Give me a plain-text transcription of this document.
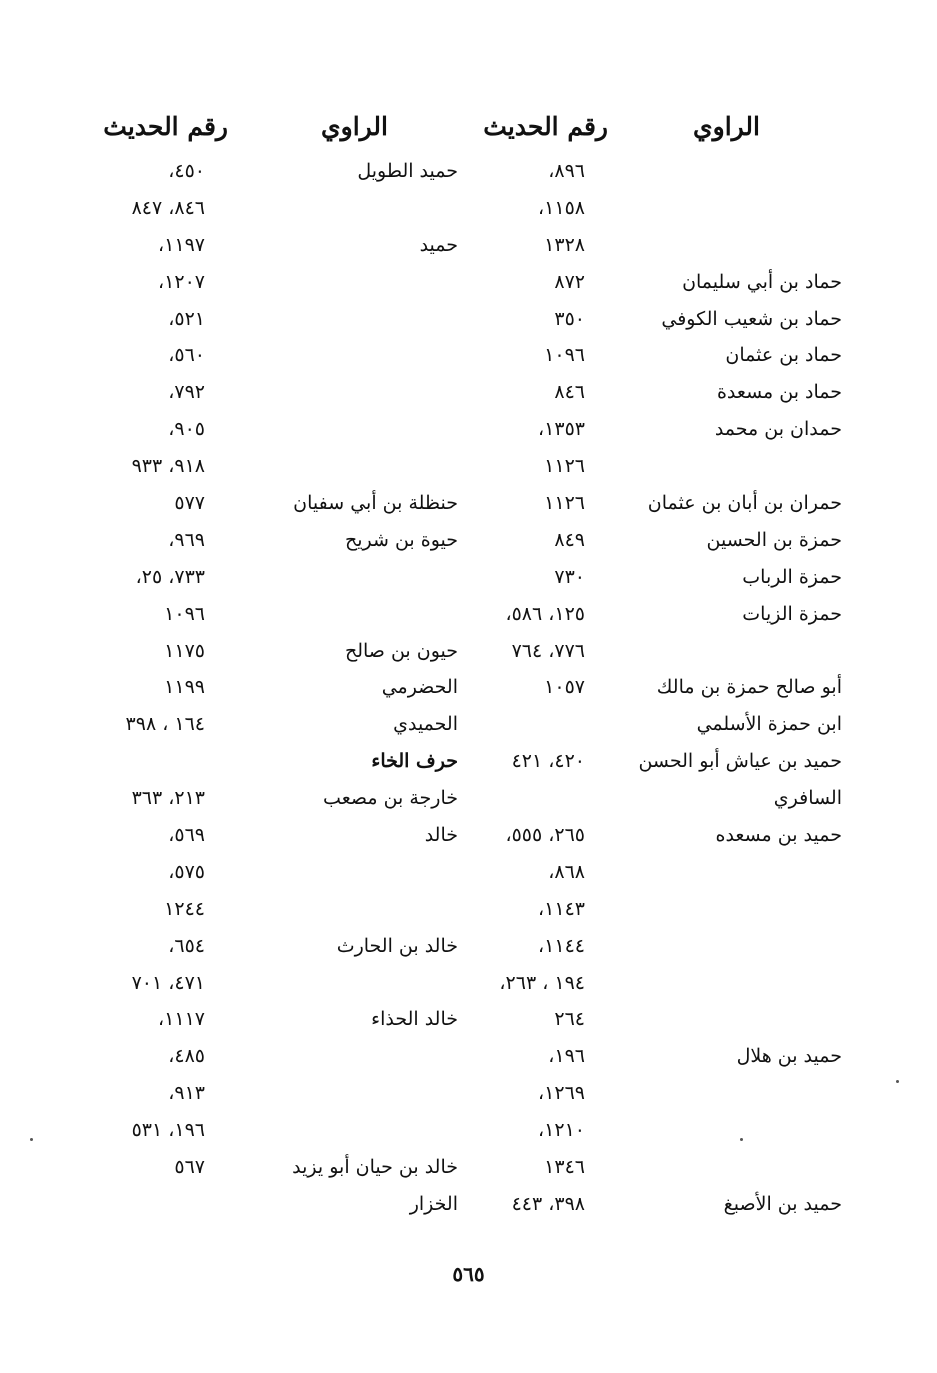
الراوي
رقم الحديث
الراوي
رقم الحديث
٨٩٦،
حميد الطويل
٤٥٠،
١١٥٨،
٨٤٦، ٨٤٧
١٣٢٨
حميد
١١٩٧،
حماد بن أبي سليمان
٨٧٢
١٢٠٧،
حماد بن شعيب الكوفي
٣٥٠
٥٢١،
حماد بن عثمان
١٠٩٦
٥٦٠،
حماد بن مسعدة
٨٤٦
٧٩٢،
حمدان بن محمد
١٣٥٣،
٩٠٥،
١١٢٦
٩١٨، ٩٣٣
حمران بن أبان بن عثمان
١١٢٦
حنظلة بن أبي سفيان
٥٧٧
حمزة بن الحسين
٨٤٩
حيوة بن شريح
٩٦٩،
حمزة الرباب
٧٣٠
٧٣٣، ٢٥،
حمزة الزيات
١٢٥، ٥٨٦،
١٠٩٦
٧٧٦، ٧٦٤
حيون بن صالح
١١٧٥
أبو صالح حمزة بن مالك
١٠٥٧
الحضرمي
١١٩٩
ابن حمزة الأسلمي
الحميدي
١٦٤ ، ٣٩٨
حميد بن عياش أبو الحسن
٤٢٠، ٤٢١
حرف الخاء
السافري
خارجة بن مصعب
٢١٣، ٣٦٣
حميد بن مسعده
٢٦٥، ٥٥٥،
خالد
٥٦٩،
٨٦٨،
٥٧٥،
١١٤٣،
١٢٤٤
١١٤٤،
خالد بن الحارث
٦٥٤،
١٩٤ ، ٢٦٣،
٤٧١، ٧٠١
٢٦٤
خالد الحذاء
١١١٧،
حميد بن هلال
١٩٦،
٤٨٥،
١٢٦٩،
٩١٣،
١٢١٠،
١٩٦، ٥٣١
١٣٤٦
خالد بن حيان أبو يزيد
٥٦٧
حميد بن الأصبغ
٣٩٨، ٤٤٣
الخزار
٥٦٥
